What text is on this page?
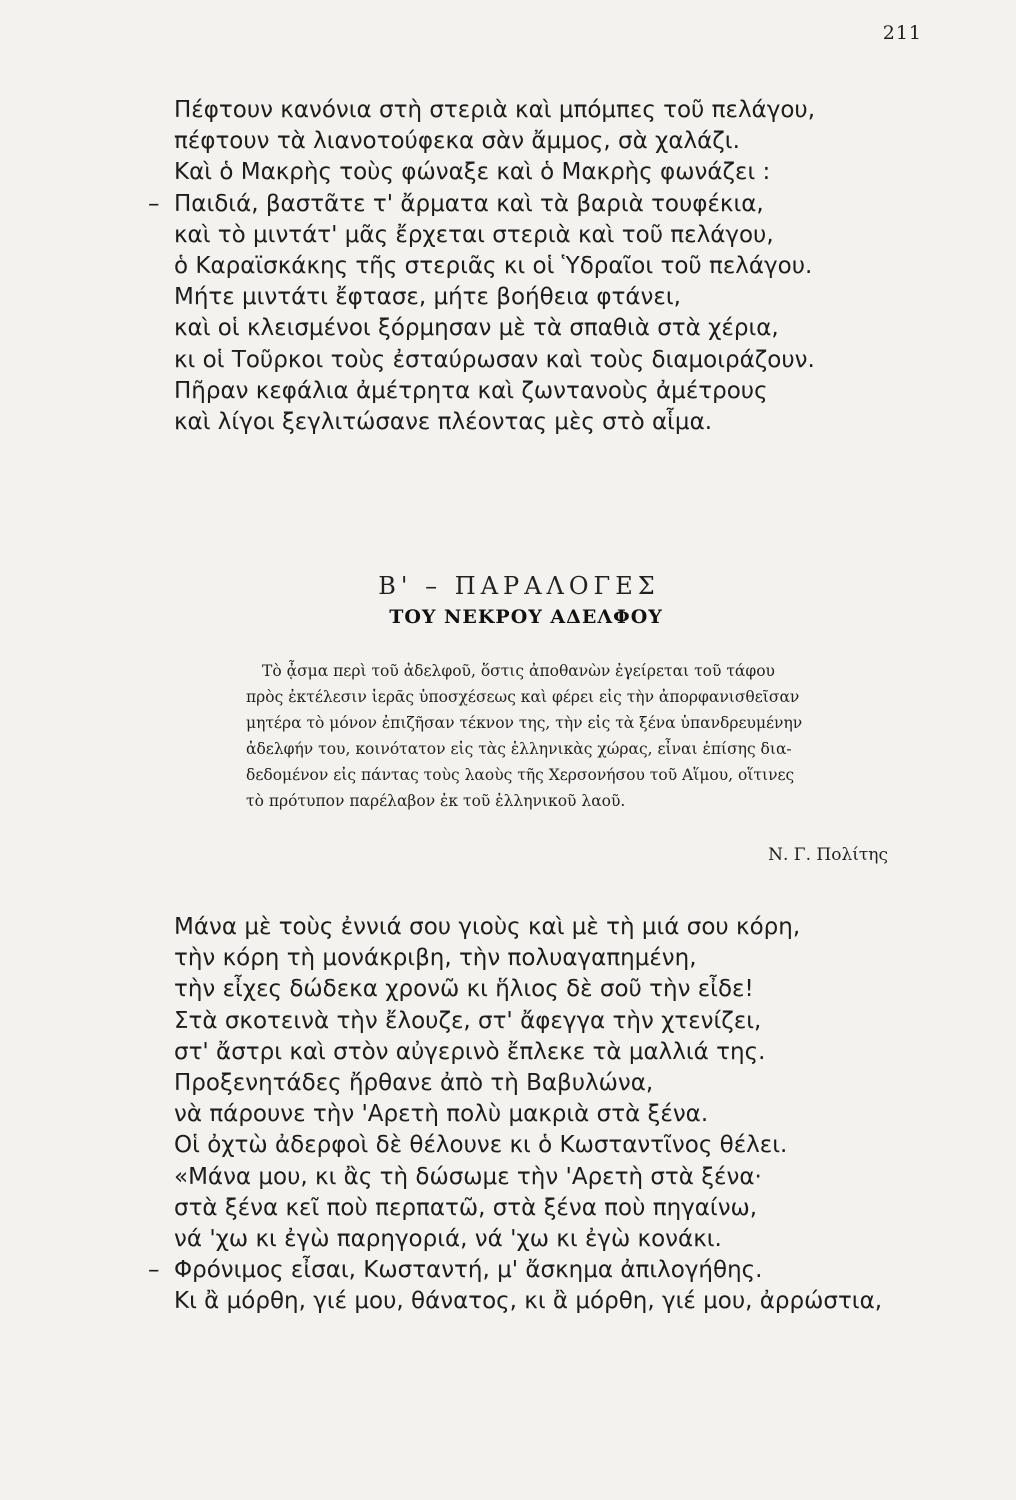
211
Πέφτουν κανόνια στὴ στεριὰ καὶ μπόμπες τοῦ πελάγου,
πέφτουν τὰ λιανοτούφεκα σὰν ἄμμος, σὰ χαλάζι.
Καὶ ὁ Μακρὴς τοὺς φώναξε καὶ ὁ Μακρὴς φωνάζει :
– Παιδιά, βαστᾶτε τ' ἄρματα καὶ τὰ βαριὰ τουφέκια,
καὶ τὸ μιντάτ' μᾶς ἔρχεται στεριὰ καὶ τοῦ πελάγου,
ὁ Καραϊσκάκης τῆς στεριᾶς κι οἱ Ὑδραῖοι τοῦ πελάγου.
Μήτε μιντάτι ἔφτασε, μήτε βοήθεια φτάνει,
καὶ οἱ κλεισμένοι ξόρμησαν μὲ τὰ σπαθιὰ στὰ χέρια,
κι οἱ Τοῦρκοι τοὺς ἐσταύρωσαν καὶ τοὺς διαμοιράζουν.
Πῆραν κεφάλια ἀμέτρητα καὶ ζωντανοὺς ἀμέτρους
καὶ λίγοι ξεγλιτώσανε πλέοντας μὲς στὸ αἷμα.
Β' – ΠΑΡΑΛΟΓΕΣ
ΤΟΥ ΝΕΚΡΟΥ ΑΔΕΛΦΟΥ
Τὸ ᾆσμα περὶ τοῦ ἀδελφοῦ, ὅστις ἀποθανὼν ἐγείρεται τοῦ τάφου
πρὸς ἐκτέλεσιν ἱερᾶς ὑποσχέσεως καὶ φέρει εἰς τὴν ἀπορφανισθεῖσαν
μητέρα τὸ μόνον ἐπιζῆσαν τέκνον της, τὴν εἰς τὰ ξένα ὑπανδρευμένην
ἀδελφήν του, κοινότατον εἰς τὰς ἑλληνικὰς χώρας, εἶναι ἐπίσης δια-
δεδομένον εἰς πάντας τοὺς λαοὺς τῆς Χερσονήσου τοῦ Αἵμου, οἵτινες
τὸ πρότυπον παρέλαβον ἐκ τοῦ ἑλληνικοῦ λαοῦ.
Ν. Γ. Πολίτης
Μάνα μὲ τοὺς ἐννιά σου γιοὺς καὶ μὲ τὴ μιά σου κόρη,
τὴν κόρη τὴ μονάκριβη, τὴν πολυαγαπημένη,
τὴν εἶχες δώδεκα χρονῶ κι ἥλιος δὲ σοῦ τὴν εἶδε!
Στὰ σκοτεινὰ τὴν ἔλουζε, στ' ἄφεγγα τὴν χτενίζει,
στ' ἄστρι καὶ στὸν αὐγερινὸ ἔπλεκε τὰ μαλλιά της.
Προξενητάδες ἤρθανε ἀπὸ τὴ Βαβυλώνα,
νὰ πάρουνε τὴν 'Αρετὴ πολὺ μακριὰ στὰ ξένα.
Οἱ ὀχτὼ ἀδερφοὶ δὲ θέλουνε κι ὁ Κωσταντῖνος θέλει.
«Μάνα μου, κι ἂς τὴ δώσωμε τὴν 'Αρετὴ στὰ ξένα·
στὰ ξένα κεῖ ποὺ περπατῶ, στὰ ξένα ποὺ πηγαίνω,
νά 'χω κι ἐγὼ παρηγοριά, νά 'χω κι ἐγὼ κονάκι.
– Φρόνιμος εἶσαι, Κωσταντή, μ' ἄσκημα ἀπιλογήθης.
Κι ἂ μόρθη, γιέ μου, θάνατος, κι ἂ μόρθη, γιέ μου, ἀρρώστια,
